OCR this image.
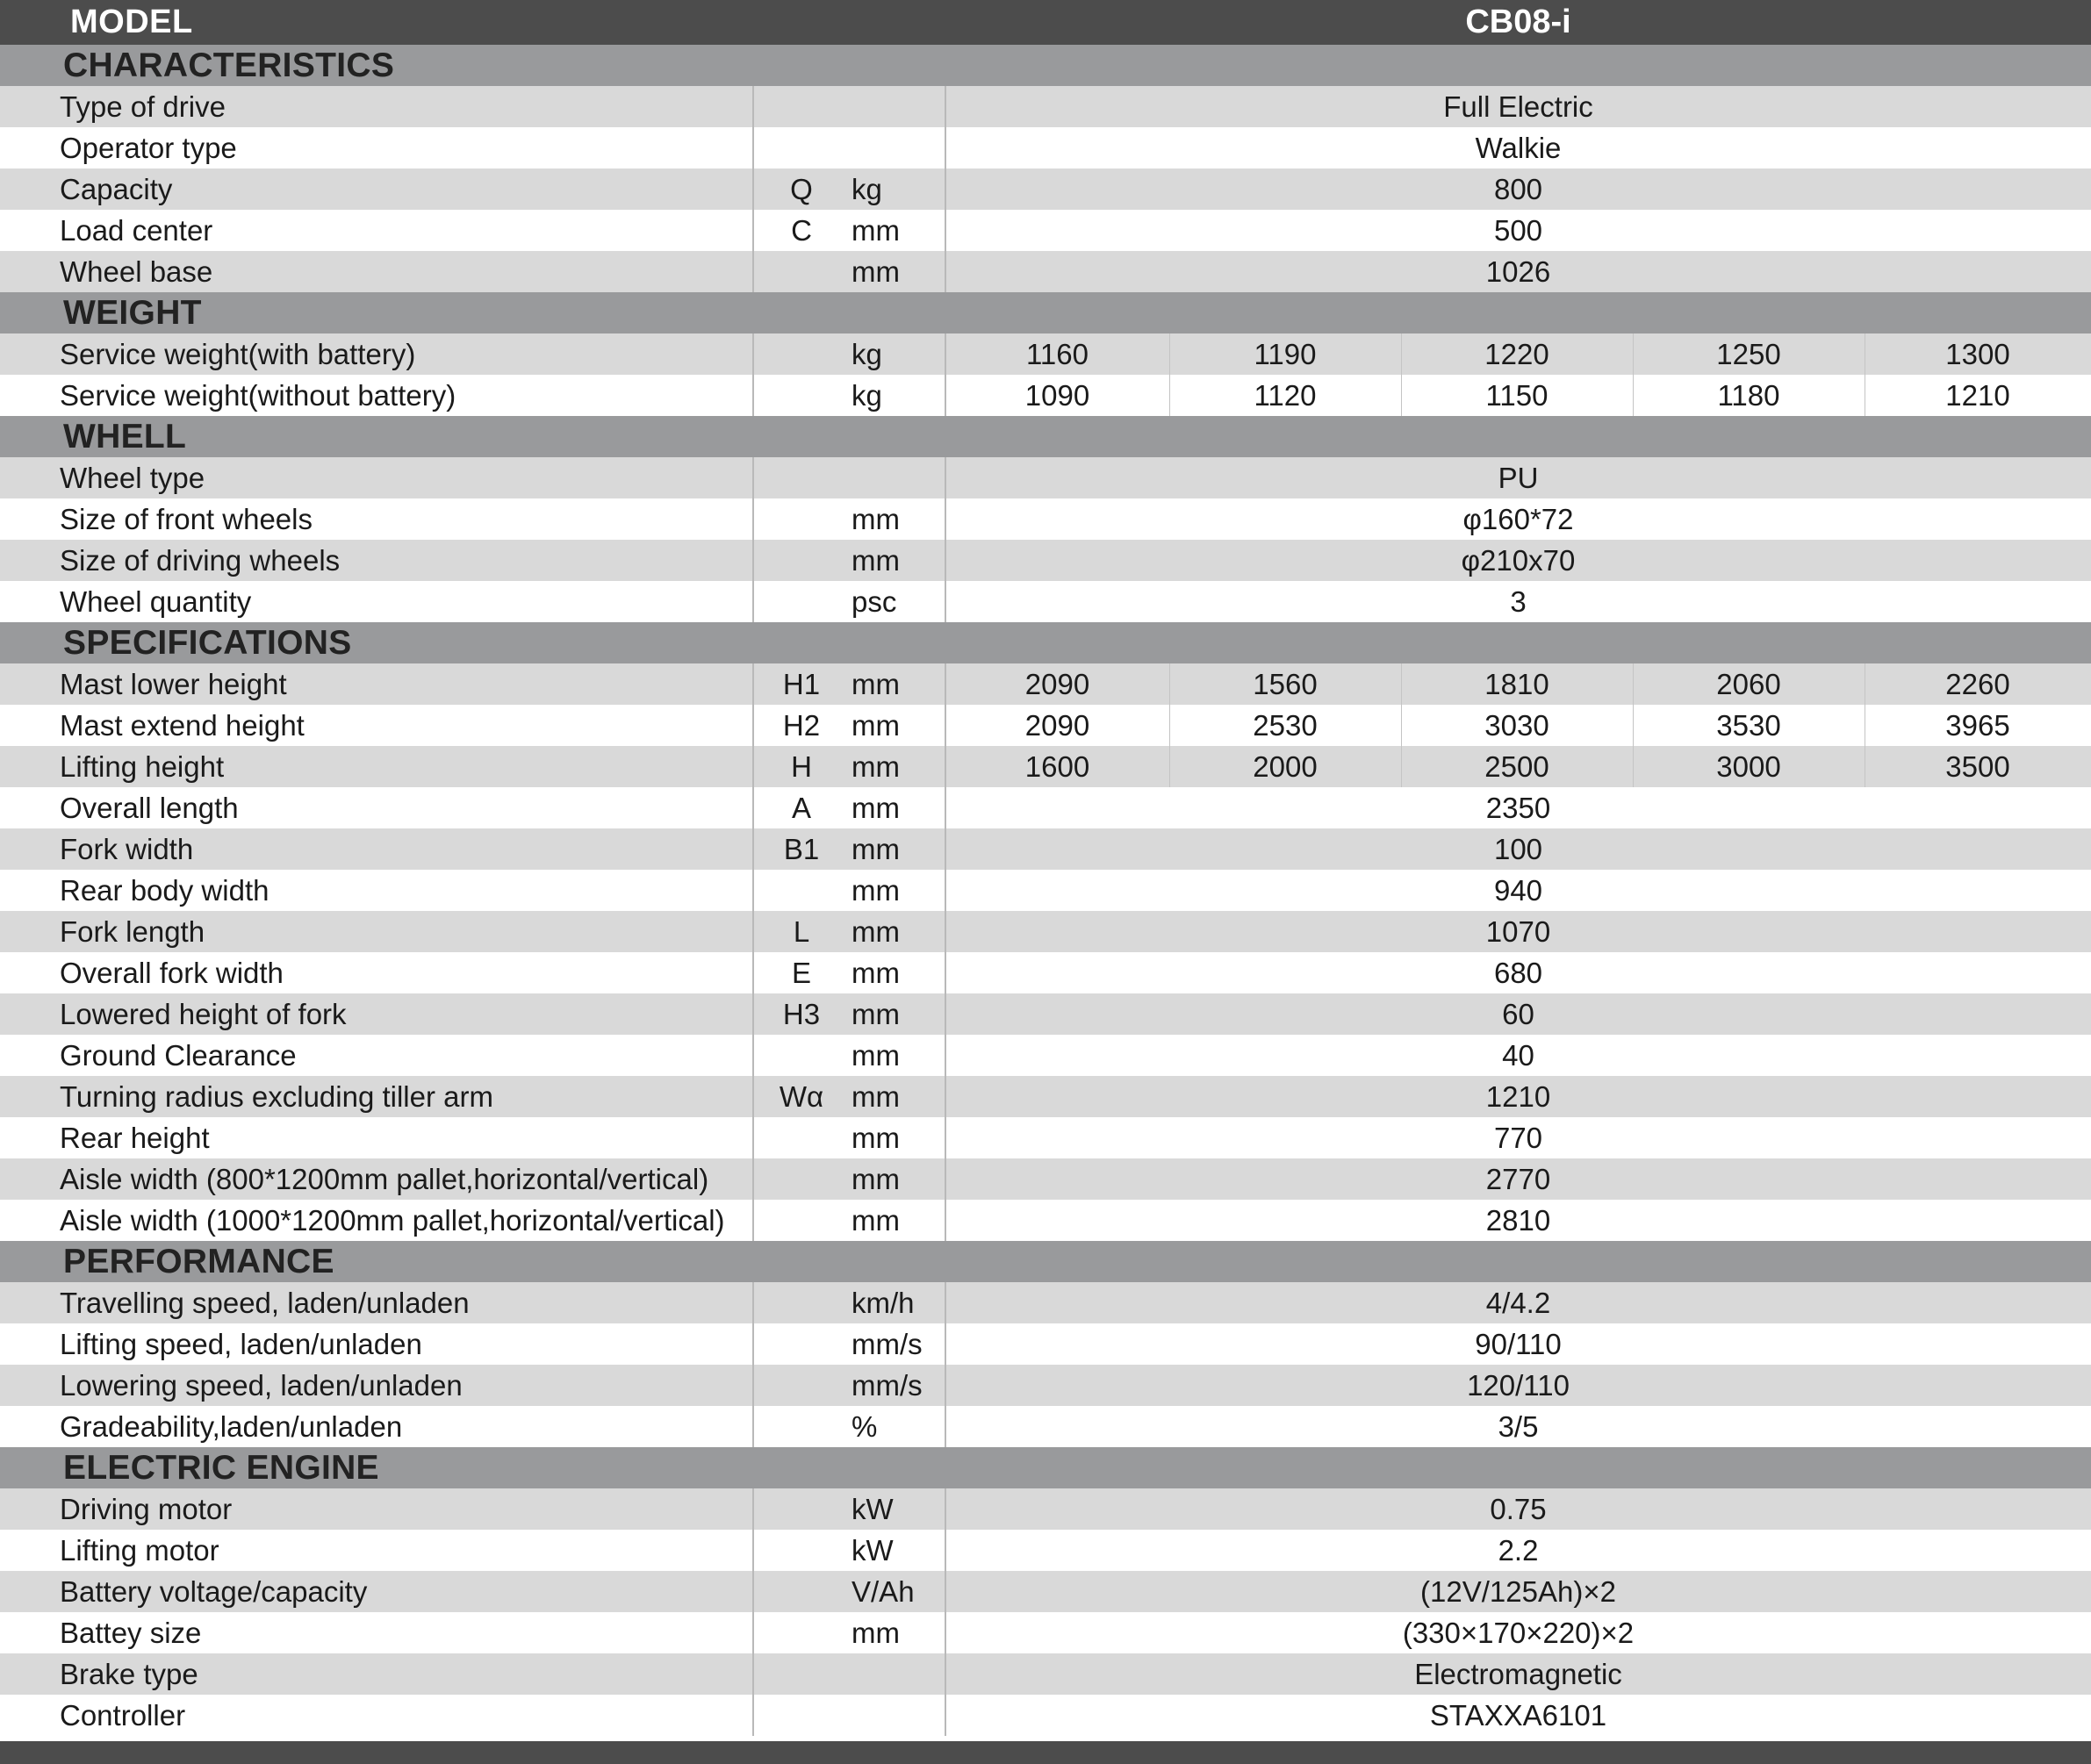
MODEL	CB08-i
CHARACTERISTICS
Type of drive	Full Electric
Operator type	Walkie
Capacity	Q	kg	800
Load center	C	mm	500
Wheel base	mm	1026
WEIGHT
Service weight(with battery)	kg	1160	1190	1220	1250	1300
Service weight(without battery)	kg	1090	1120	1150	1180	1210
WHELL
Wheel type	PU
Size of front wheels	mm	φ160*72
Size of driving wheels	mm	φ210x70
Wheel quantity	psc	3
SPECIFICATIONS
Mast lower height	H1	mm	2090	1560	1810	2060	2260
Mast extend height	H2	mm	2090	2530	3030	3530	3965
Lifting height	H	mm	1600	2000	2500	3000	3500
Overall length	A	mm	2350
Fork width	B1	mm	100
Rear body width	mm	940
Fork length	L	mm	1070
Overall fork width	E	mm	680
Lowered height of fork	H3	mm	60
Ground Clearance	mm	40
Turning radius excluding tiller arm	Wα mm	1210
Rear height	mm	770
Aisle width (800*1200mm pallet,horizontal/vertical)	mm	2770
Aisle width (1000*1200mm pallet,horizontal/vertical)	mm	2810
PERFORMANCE
Travelling speed, laden/unladen	km/h	4/4.2
Lifting speed, laden/unladen	mm/s	90/110
Lowering speed, laden/unladen	mm/s	120/110
Gradeability,laden/unladen	%	3/5
ELECTRIC ENGINE
Driving motor	kW	0.75
Lifting motor	kW	2.2
Battery voltage/capacity	V/Ah	(12V/125Ah)×2
Battey size	mm	(330×170×220)×2
Brake type	Electromagnetic
Controller	STAXXA6101
